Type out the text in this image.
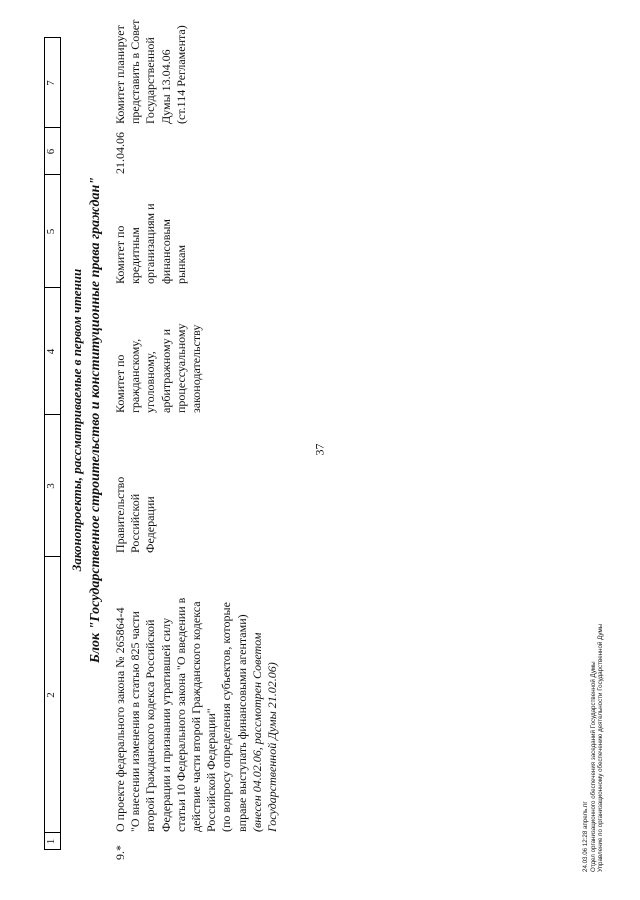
37
1
2
3
4
5
6
7
Законопроекты, рассматриваемые в первом чтении Блок "Государственное строительство и конституционные права граждан"
9.*
О проекте федерального закона № 265864-4 "О внесении изменения в статью 825 части второй Гражданского кодекса Российской Федерации и признании утратившей силу статьи 10 Федерального закона "О введении в действие части второй Гражданского кодекса Российской Федерации" (по вопросу определения субъектов, которые вправе выступать финансовыми агентами) (внесен 04.02.06, рассмотрен Советом Государственной Думы 21.02.06)
Правительство Российской Федерации
Комитет по гражданскому, уголовному, арбитражному и процессуальному законодательству
Комитет по кредитным организациям и финансовым рынкам
21.04.06
Комитет планирует представить в Совет Государственной Думы 13.04.06 (ст.114 Регламента)
24.03.06 12:28 апрель.пг Отдел организационного обеспечения заседаний Государственной Думы Управление по организационному обеспечению деятельности Государственной Думы
